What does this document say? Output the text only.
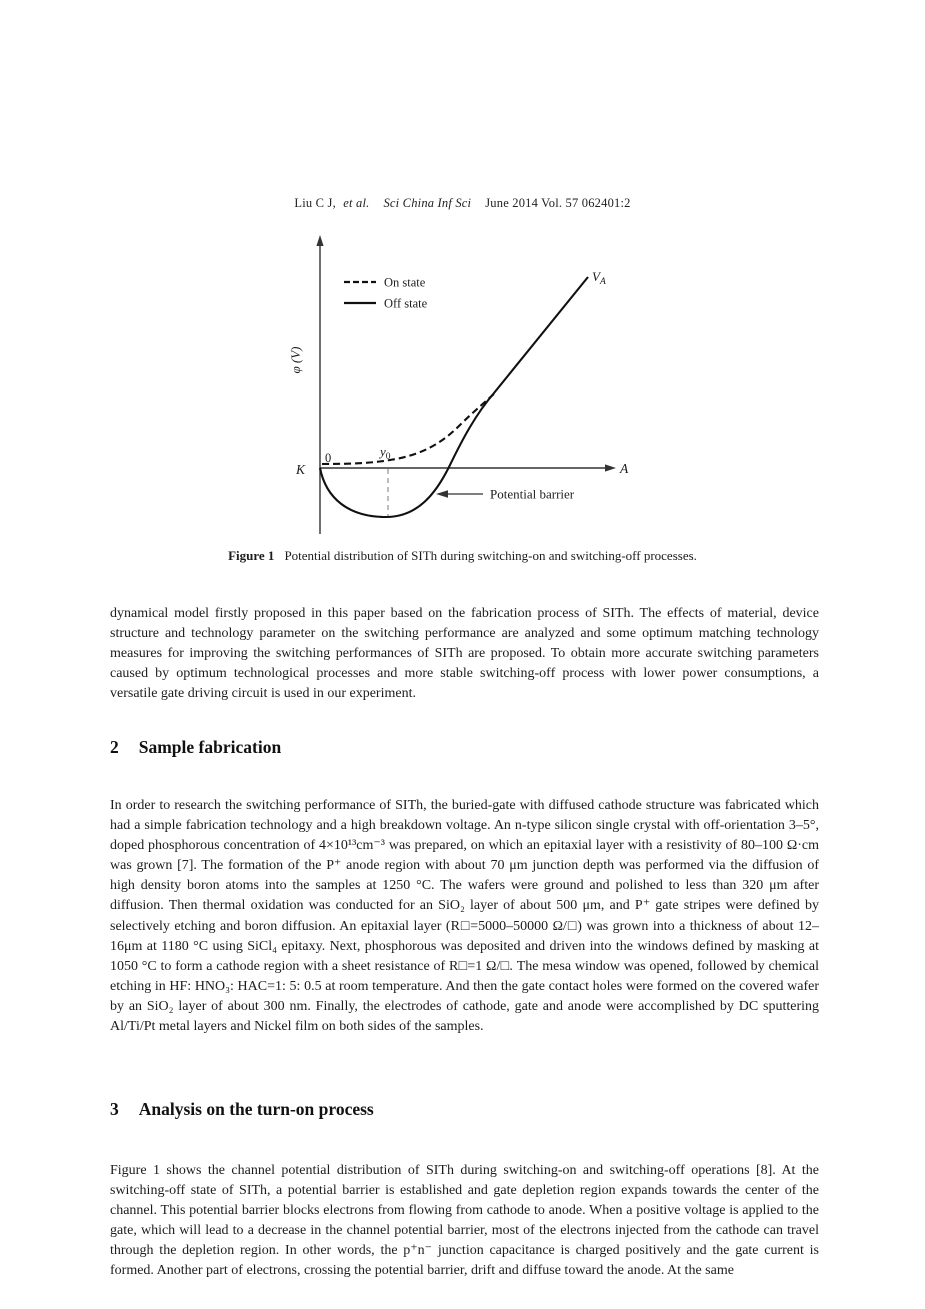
Liu C J, et al. Sci China Inf Sci June 2014 Vol. 57 062401:2
On state
Off state
φ (V)
K
0
A
$y_0$
$V_A$
Potential barrier
Figure 1 Potential distribution of SITh during switching-on and switching-off processes.

dynamical model firstly proposed in this paper based on the fabrication process of SITh. The effects of material, device structure and technology parameter on the switching performance are analyzed and some optimum matching technology measures for improving the switching performances of SITh are proposed. To obtain more accurate switching parameters caused by optimum technological processes and more stable switching-off process with lower power consumptions, a versatile gate driving circuit is used in our experiment.

2 Sample fabrication

In order to research the switching performance of SITh, the buried-gate with diffused cathode structure was fabricated which had a simple fabrication technology and a high breakdown voltage. An n-type silicon single crystal with off-orientation 3–5°, doped phosphorous concentration of 4×10¹³cm⁻³ was prepared, on which an epitaxial layer with a resistivity of 80–100 Ω·cm was grown [7]. The formation of the P⁺ anode region with about 70 μm junction depth was performed via the diffusion of high density boron atoms into the samples at 1250 °C. The wafers were ground and polished to less than 320 μm after diffusion. Then thermal oxidation was conducted for an SiO₂ layer of about 500 μm, and P⁺ gate stripes were defined by selectively etching and boron diffusion. An epitaxial layer (R□=5000–50000 Ω/□) was grown into a thickness of about 12–16μm at 1180 °C using SiCl₄ epitaxy. Next, phosphorous was deposited and driven into the windows defined by masking at 1050 °C to form a cathode region with a sheet resistance of R□=1 Ω/□. The mesa window was opened, followed by chemical etching in HF: HNO₃: HAC=1: 5: 0.5 at room temperature. And then the gate contact holes were formed on the covered wafer by an SiO₂ layer of about 300 nm. Finally, the electrodes of cathode, gate and anode were accomplished by DC sputtering Al/Ti/Pt metal layers and Nickel film on both sides of the samples.

3 Analysis on the turn-on process

Figure 1 shows the channel potential distribution of SITh during switching-on and switching-off operations [8]. At the switching-off state of SITh, a potential barrier is established and gate depletion region expands towards the center of the channel. This potential barrier blocks electrons from flowing from cathode to anode. When a positive voltage is applied to the gate, which will lead to a decrease in the channel potential barrier, most of the electrons injected from the cathode can travel through the depletion region. In other words, the p⁺n⁻ junction capacitance is charged positively and the gate current is formed. Another part of electrons, crossing the potential barrier, drift and diffuse toward the anode. At the same
